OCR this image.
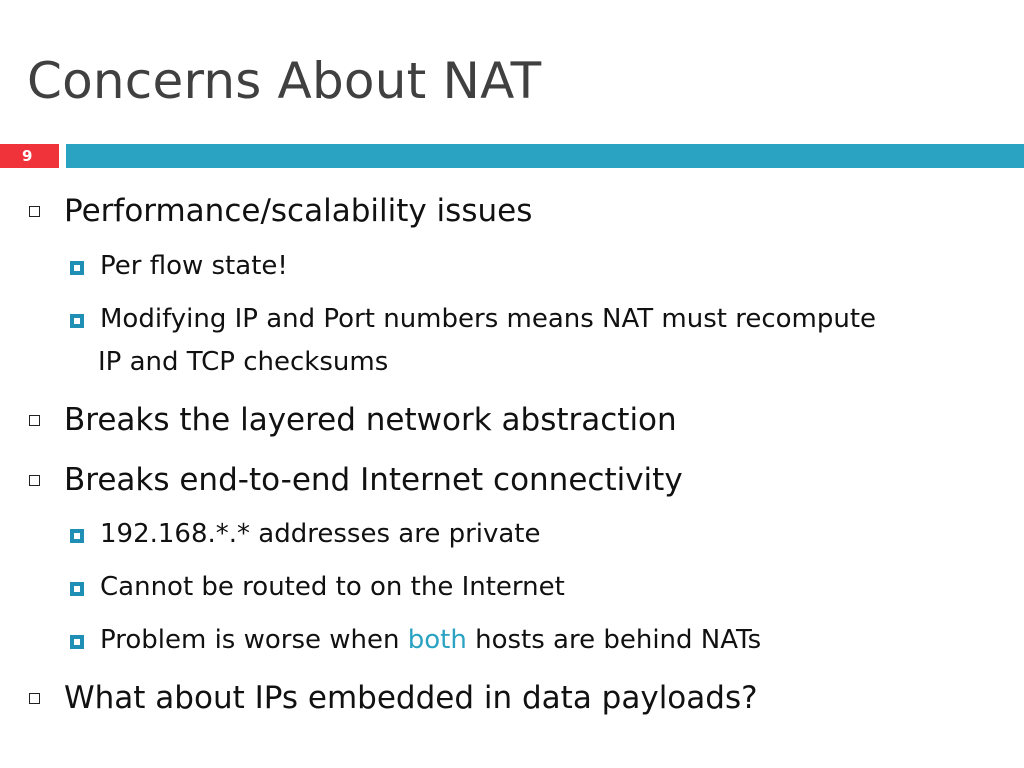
Concerns About NAT
9
Performance/scalability issues
Per flow state!
Modifying IP and Port numbers means NAT must recompute
IP and TCP checksums
Breaks the layered network abstraction
Breaks end-to-end Internet connectivity
192.168.*.* addresses are private
Cannot be routed to on the Internet
Problem is worse when both hosts are behind NATs
What about IPs embedded in data payloads?
